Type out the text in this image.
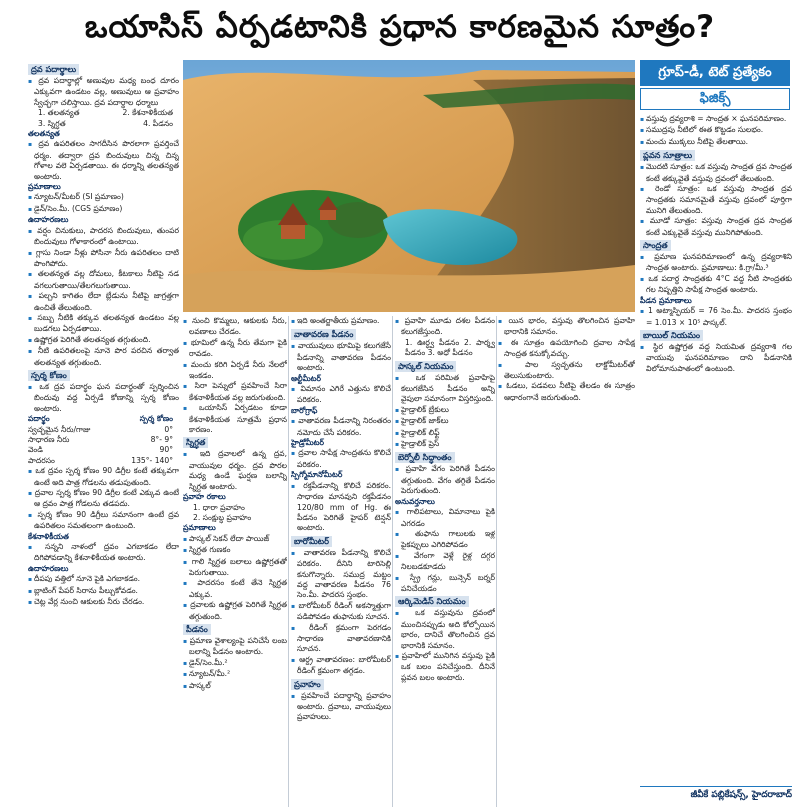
ఒయాసిస్ ఏర్పడటానికి ప్రధాన కారణమైన సూత్రం?
గ్రూప్-డీ, టెట్ ప్రత్యేకం
ఫిజిక్స్
ద్రవ పదార్థాలు

▪ ద్రవ పదార్థాల్లో అణువుల మధ్య బంధ దూరం ఎక్కువగా ఉండటం వల్ల, అణువులు ఆ ప్రవాహం స్వేచ్ఛగా చలిస్తాయి. ద్రవ పదార్థాల ధర్మాలు

1. తలతన్యత	2. కేశనాళికీయత
3. స్నిగ్ధత	4. పీడనం

తలతన్యత

▪ ద్రవ ఉపరితలం సాగదీసిన పొరలాగా ప్రవర్తించే ధర్మం. తద్వారా ద్రవ బిందువులు చిన్న చిన్న గోళాల వలె ఏర్పడతాయి. ఈ ధర్మాన్ని తలతన్యత అంటారు.

ప్రమాణాలు

▪ న్యూటన్/మీటర్ (SI ప్రమాణం)

▪ డైన్/సెం.మీ. (CGS ప్రమాణం)

ఉదాహరణలు

▪ వర్షం చినుకులు, పాదరస బిందువులు, తుంపర బిందువులు గోళాకారంలో ఉంటాయి.

▪ గ్లాసు నిండా నీళ్లు పోసినా నీరు ఉపరితలం దాటి పొంగిపోదు.

▪ తలతన్యత వల్ల దోమలు, కీటకాలు నీటిపై నడ వగలుగుతాయి/తేలగలుగుతాయి.

▪ పల్చని కాగితం లేదా బ్లేడును నీటిపై జాగ్రత్తగా ఉంచితే తేలుతుంది.

▪ సబ్బు నీటికి తక్కువ తలతన్యత ఉండటం వల్ల బుడగలు ఏర్పడతాయి.

▪ ఉష్ణోగ్రత పెరిగితే తలతన్యత తగ్గుతుంది.

▪ నీటి ఉపరితలంపై నూనె పొర పరచిన తర్వాత తలతన్యత తగ్గుతుంది.

స్పర్శ కోణం

▪ ఒక ద్రవ పదార్థం ఘన పదార్థంతో స్పర్శించిన బిందువు వద్ద ఏర్పడే కోణాన్ని స్పర్శ కోణం అంటారు.

పదార్థం	స్పర్శ కోణం
స్వచ్ఛమైన నీరు/గాజు	0°
సాధారణ నీరు	8°- 9°
వెండి	90°
పాదరసం	135°- 140°

▪ ఒక ద్రవం స్పర్శ కోణం 90 డిగ్రీల కంటే తక్కువగా ఉంటే అది పాత్ర గోడలను తడుపుతుంది.

▪ ద్రవాల స్పర్శ కోణం 90 డిగ్రీల కంటే ఎక్కువ ఉంటే ఆ ద్రవం పాత్ర గోడలను తడపదు.

▪ స్పర్శ కోణం 90 డిగ్రీలు సమానంగా ఉంటే ద్రవ ఉపరితలం సమతలంగా ఉంటుంది.

కేశనాళికీయత

▪ సన్నని నాళంలో ద్రవం ఎగబాకడం లేదా దిగిపోవడాన్ని కేశనాళికీయత అంటారు.

ఉదాహరణలు

▪ దీపపు వత్తిలో నూనె పైకి ఎగబాకడం.

▪ బ్లాటింగ్ పేపర్ సిరాను పీల్చుకోవడం.

▪ చెట్ల వేర్ల నుంచి ఆకులకు నీరు చేరడం.

▪ నుంచి కొమ్మలు, ఆకులకు నీరు, లవణాలు చేరడం.

▪ భూమిలో ఉన్న నీరు తేమగా పైకి రావడం.

▪ మంచు కరిగి ఏర్పడే నీరు నేలలో ఇంకడం.

▪ సిరా పెన్నులో ప్రవహించే సిరా కేశనాళికీయత వల్ల జరుగుతుంది.

▪ ఒయాసిస్ ఏర్పడటం కూడా కేశనాళికీయత సూత్రమే ప్రధాన కారణం.

స్నిగ్ధత

▪ ఇది ద్రవాలలో ఉన్న ద్రవ, వాయువుల ధర్మం. ద్రవ పొరల మధ్య ఉండే ఘర్షణ బలాన్ని స్నిగ్ధత అంటారు.

ప్రవాహ రకాలు

1. ధారా ప్రవాహం

2. సంక్షుబ్ధ ప్రవాహం

ప్రమాణాలు

▪ పాస్కల్ సెకన్ లేదా పాయిజ్

▪ స్నిగ్ధత గుణకం

▪ గాలి స్నిగ్ధత బలాలు ఉష్ణోగ్రతతో పెరుగుతాయి.

▪ పాదరసం కంటే తేనె స్నిగ్ధత ఎక్కువ.

▪ ద్రవాలకు ఉష్ణోగ్రత పెరిగితే స్నిగ్ధత తగ్గుతుంది.

పీడనం

▪ ప్రమాణ వైశాల్యంపై పనిచేసే లంబ బలాన్ని పీడనం అంటారు.

▪ డైన్/సెం.మీ.²

▪ న్యూటన్/మీ.²

▪ పాస్కల్

▪ ఇది అంతర్జాతీయ ప్రమాణం.

వాతావరణ పీడనం

▪ వాయువులు భూమిపై కలుగజేసే పీడనాన్ని వాతావరణ పీడనం అంటారు.

ఆల్టీమీటర్

▪ విమానం ఎగిరే ఎత్తును కొలిచే పరికరం.

బారోగ్రాఫ్

▪ వాతావరణ పీడనాన్ని నిరంతరం నమోదు చేసే పరికరం.

హైడ్రోమీటర్

▪ ద్రవాల సాపేక్ష సాంద్రతను కొలిచే పరికరం.

స్పిగ్మోమానోమీటర్

▪ రక్తపీడనాన్ని కొలిచే పరికరం. సాధారణ మానవుని రక్తపీడనం 120/80 mm of Hg. ఈ పీడనం పెరిగితే హైపర్ టెన్షన్ అంటారు.

బారోమీటర్

▪ వాతావరణ పీడనాన్ని కొలిచే పరికరం. దీనిని టారిసెల్లి కనుగొన్నారు. సముద్ర మట్టం వద్ద వాతావరణ పీడనం 76 సెం.మీ. పాదరస స్తంభం.

▪ బారోమీటర్ రీడింగ్ అకస్మాత్తుగా పడిపోవడం తుఫానుకు సూచన.

▪ రీడింగ్ క్రమంగా పెరగడం సాధారణ వాతావరణానికి సూచన.

▪ ఆర్ద్ర వాతావరణం: బారోమీటర్ రీడింగ్ క్రమంగా తగ్గడం.

ప్రవాహం

▪ ప్రవహించే పదార్థాన్ని ప్రవాహం అంటారు. ద్రవాలు, వాయువులు ప్రవాహులు.

▪ ప్రవాహి మూడు దశల పీడనం కలుగజేస్తుంది.

1. ఊర్ధ్వ పీడనం 2. పార్శ్వ పీడనం 3. అధో పీడనం

పాస్కల్ నియమం

▪ ఒక పరిమిత ప్రవాహిపై కలుగజేసిన పీడనం అన్ని వైపులా సమానంగా విస్తరిస్తుంది.

▪ హైడ్రాలిక్ బ్రేకులు

▪ హైడ్రాలిక్ జాక్‌లు

▪ హైడ్రాలిక్ లిఫ్ట్

▪ హైడ్రాలిక్ ప్రెస్

బెర్నోలీ సిద్ధాంతం

▪ ప్రవాహి వేగం పెరిగితే పీడనం తగ్గుతుంది. వేగం తగ్గితే పీడనం పెరుగుతుంది.

అనువర్తనాలు

▪ గాలిపటాలు, విమానాలు పైకి ఎగరడం

▪ తుఫాను గాలులకు ఇళ్ల పైకప్పులు ఎగిరిపోవడం

▪ వేగంగా వెళ్లే రైళ్ల దగ్గర నిలబడకూడదు

▪ స్ప్రే గన్లు, బున్సెన్ బర్నర్ పనిచేయడం

ఆర్కిమెడిస్ నియమం

▪ ఒక వస్తువును ద్రవంలో ముంచినప్పుడు అది కోల్పోయిన భారం, దానిచే తొలగించిన ద్రవ భారానికి సమానం.

▪ ప్రవాహిలో మునిగిన వస్తువు పైకి ఒక బలం పనిచేస్తుంది. దీనినే ప్లవన బలం అంటారు.

▪ యిన భారం, వస్తువు తొలగించిన ప్రవాహి భారానికి సమానం.

▪ ఈ సూత్రం ఉపయోగించి ద్రవాల సాపేక్ష సాంద్రత కనుక్కోవచ్చు.

▪ పాల స్వచ్ఛతను లాక్టోమీటర్‌తో తెలుసుకుంటారు.

▪ ఓడలు, పడవలు నీటిపై తేలడం ఈ సూత్రం ఆధారంగానే జరుగుతుంది.

▪ వస్తువు ద్రవ్యరాశి = సాంద్రత × ఘనపరిమాణం.

▪ సముద్రపు నీటిలో ఈత కొట్టడం సులభం.

▪ మంచు ముక్కలు నీటిపై తేలతాయి.

ప్లవన సూత్రాలు

▪ మొదటి సూత్రం: ఒక వస్తువు సాంద్రత ద్రవ సాంద్రత కంటే తక్కువైతే వస్తువు ద్రవంలో తేలుతుంది.

▪ రెండో సూత్రం: ఒక వస్తువు సాంద్రత ద్రవ సాంద్రతకు సమానమైతే వస్తువు ద్రవంలో పూర్తిగా మునిగి తేలుతుంది.

▪ మూడో సూత్రం: వస్తువు సాంద్రత ద్రవ సాంద్రత కంటే ఎక్కువైతే వస్తువు మునిగిపోతుంది.

సాంద్రత

▪ ప్రమాణ ఘనపరిమాణంలో ఉన్న ద్రవ్యరాశిని సాంద్రత అంటారు. ప్రమాణాలు: కి.గ్రా/మీ.³

▪ ఒక పదార్థ సాంద్రతకు 4°C వద్ద నీటి సాంద్రతకు గల నిష్పత్తిని సాపేక్ష సాంద్రత అంటారు.

పీడన ప్రమాణాలు

▪ 1 అట్మాస్ఫియర్ = 76 సెం.మీ. పాదరస స్తంభం = 1.013 × 10⁵ పాస్కల్.

బాయిల్ నియమం

▪ స్థిర ఉష్ణోగ్రత వద్ద నియమిత ద్రవ్యరాశి గల వాయువు ఘనపరిమాణం దాని పీడనానికి విలోమానుపాతంలో ఉంటుంది.

జీవీకే పబ్లికేషన్స్, హైదరాబాద్
